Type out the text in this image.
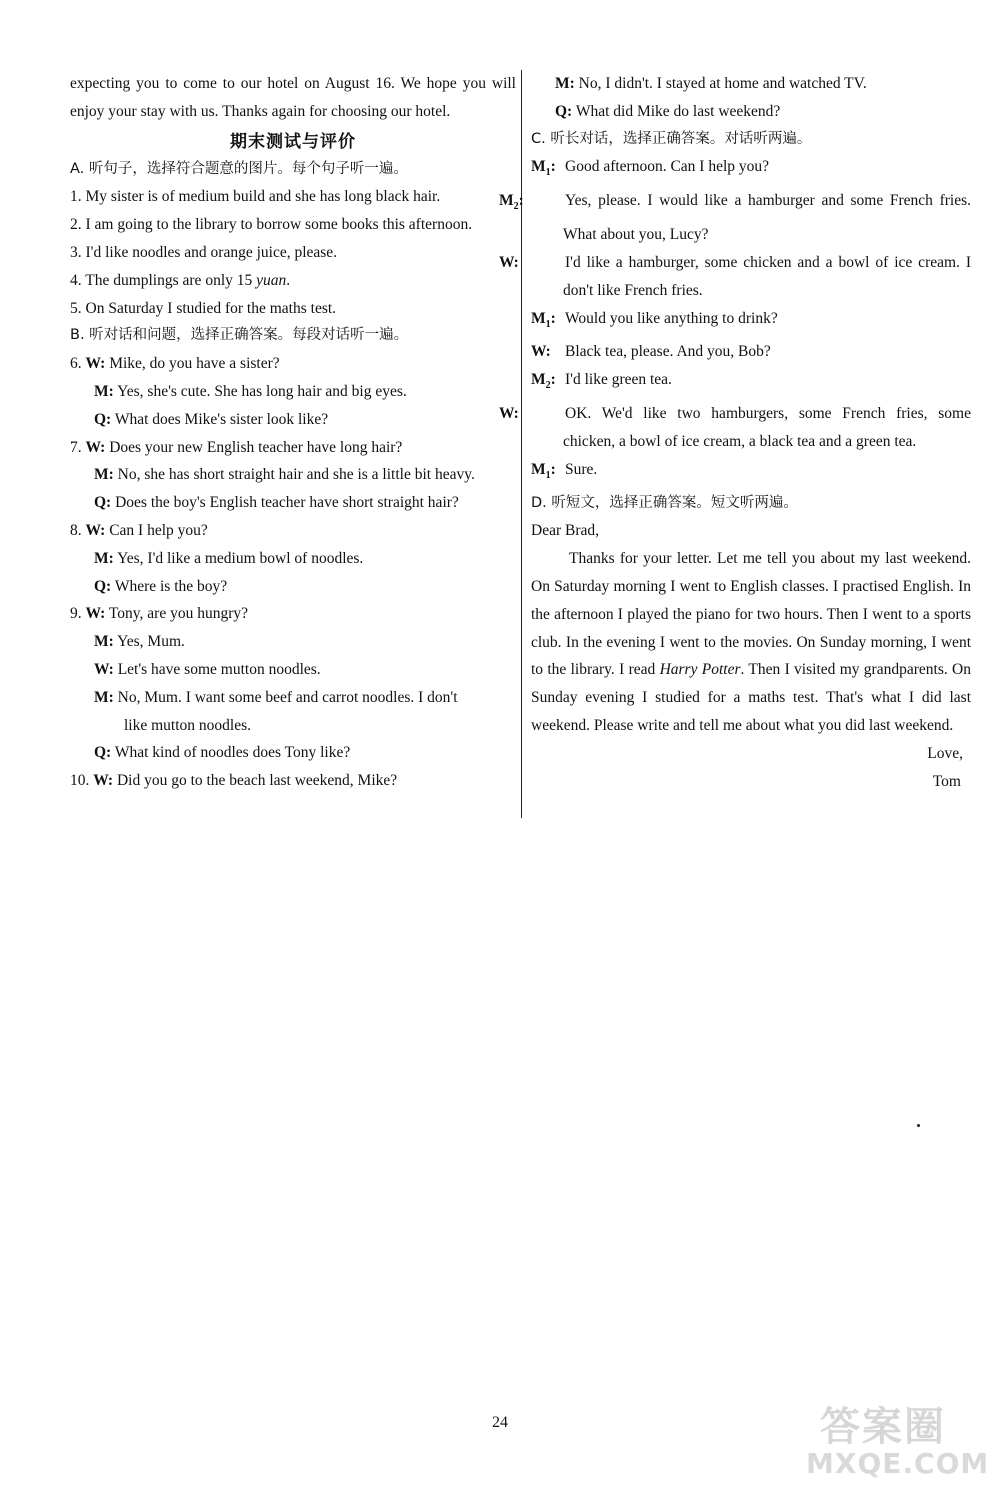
expecting you to come to our hotel on August 16. We hope you will enjoy your stay with us. Thanks again for choosing our hotel.
期末测试与评价
A. 听句子，选择符合题意的图片。每个句子听一遍。
1. My sister is of medium build and she has long black hair.
2. I am going to the library to borrow some books this afternoon.
3. I'd like noodles and orange juice, please.
4. The dumplings are only 15 yuan.
5. On Saturday I studied for the maths test.
B. 听对话和问题，选择正确答案。每段对话听一遍。
6. W: Mike, do you have a sister?
M: Yes, she's cute. She has long hair and big eyes.
Q: What does Mike's sister look like?
7. W: Does your new English teacher have long hair?
M: No, she has short straight hair and she is a little bit heavy.
Q: Does the boy's English teacher have short straight hair?
8. W: Can I help you?
M: Yes, I'd like a medium bowl of noodles.
Q: Where is the boy?
9. W: Tony, are you hungry?
M: Yes, Mum.
W: Let's have some mutton noodles.
M: No, Mum. I want some beef and carrot noodles. I don't
like mutton noodles.
Q: What kind of noodles does Tony like?
10. W: Did you go to the beach last weekend, Mike?
M: No, I didn't. I stayed at home and watched TV.
Q: What did Mike do last weekend?
C. 听长对话，选择正确答案。对话听两遍。
$M_1$: Good afternoon. Can I help you?
$M_2$:	Yes, please. I would like a hamburger and some French fries. What about you, Lucy?
W:	I'd like a hamburger, some chicken and a bowl of ice cream. I don't like French fries.
$M_1$: Would you like anything to drink?
W: Black tea, please. And you, Bob?
$M_2$: I'd like green tea.
W:	OK. We'd like two hamburgers, some French fries, some chicken, a bowl of ice cream, a black tea and a green tea.
$M_1$: Sure.
D. 听短文，选择正确答案。短文听两遍。
Dear Brad,
Thanks for your letter. Let me tell you about my last weekend. On Saturday morning I went to English classes. I practised English. In the afternoon I played the piano for two hours. Then I went to a sports club. In the evening I went to the movies. On Sunday morning, I went to the library. I read Harry Potter. Then I visited my grandparents. On Sunday evening I studied for a maths test. That's what I did last weekend. Please write and tell me about what you did last weekend.
Love,
Tom
24	答案圈
MXQE.COM
